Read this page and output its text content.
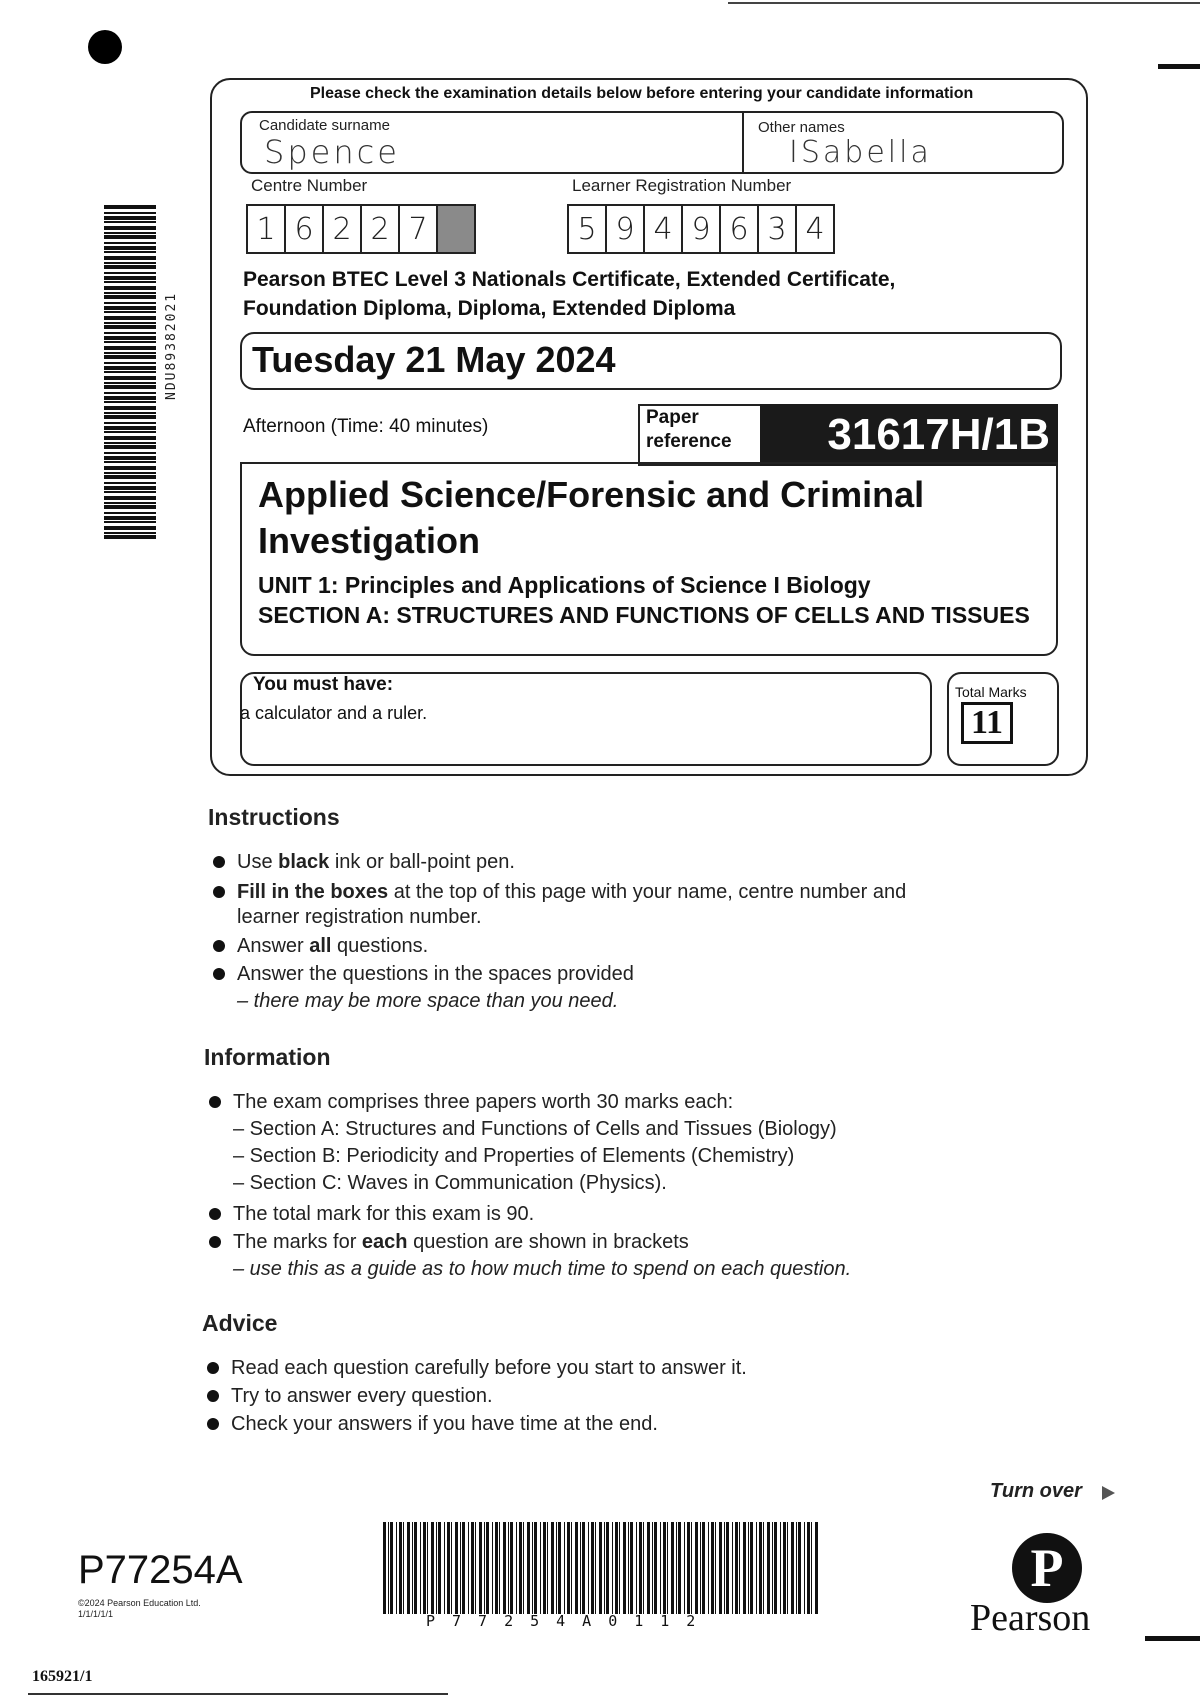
NDU89382021
Please check the examination details below before entering your candidate information
Candidate surname
Spence
Other names
ISabella
Centre Number	Learner Registration Number
1 6 2 2 7	5 9 4 9 6 3 4
Pearson BTEC Level 3 Nationals Certificate, Extended Certificate,
Foundation Diploma, Diploma, Extended Diploma
Tuesday 21 May 2024
Afternoon (Time: 40 minutes)	Paper
reference	31617H/1B
Applied Science/Forensic and Criminal Investigation
UNIT 1: Principles and Applications of Science I Biology
SECTION A: STRUCTURES AND FUNCTIONS OF CELLS AND TISSUES
You must have:
a calculator and a ruler.
Total Marks
11
Instructions
Use black ink or ball-point pen.
Fill in the boxes at the top of this page with your name, centre number and
learner registration number.
Answer all questions.
Answer the questions in the spaces provided
– there may be more space than you need.
Information
The exam comprises three papers worth 30 marks each:
– Section A: Structures and Functions of Cells and Tissues (Biology)
– Section B: Periodicity and Properties of Elements (Chemistry)
– Section C: Waves in Communication (Physics).
The total mark for this exam is 90.
The marks for each question are shown in brackets
– use this as a guide as to how much time to spend on each question.
Advice
Read each question carefully before you start to answer it.
Try to answer every question.
Check your answers if you have time at the end.
Turn over
P77254A
©2024 Pearson Education Ltd.
1/1/1/1/1	P77254A0112
P
Pearson
165921/1
